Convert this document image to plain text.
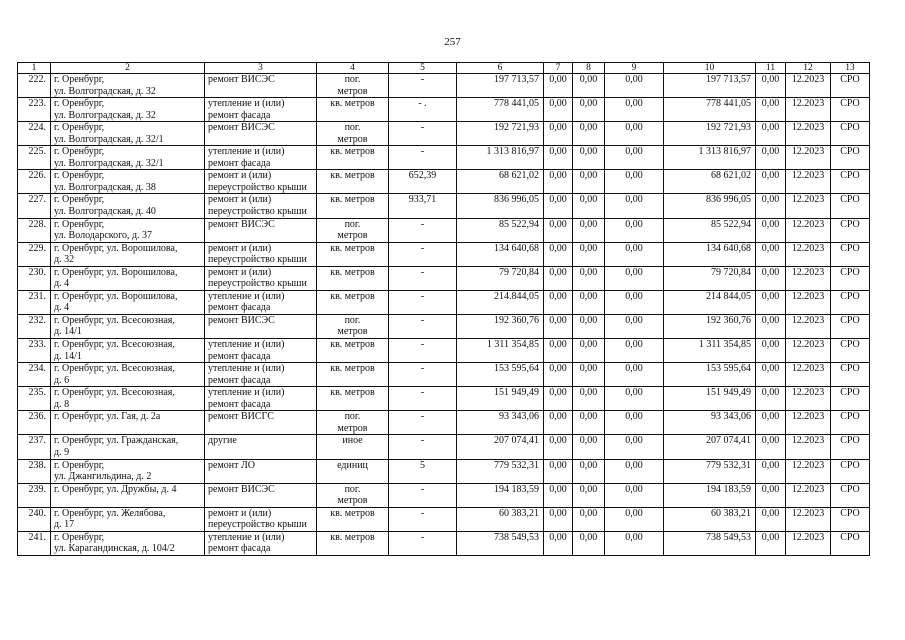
257
1	2	3	4	5	6	7	8	9	10	11	12	13
222.	г. Оренбург,
ул. Волгоградская, д. 32	ремонт ВИСЭС	пог.
метров	-	197 713,57	0,00	0,00	0,00	197 713,57	0,00	12.2023	СРО
223.	г. Оренбург,
ул. Волгоградская, д. 32	утепление и (или)
ремонт фасада	кв. метров	- .	778 441,05	0,00	0,00	0,00	778 441,05	0,00	12.2023	СРО
224.	г. Оренбург,
ул. Волгоградская, д. 32/1	ремонт ВИСЭС	пог.
метров	-	192 721,93	0,00	0,00	0,00	192 721,93	0,00	12.2023	СРО
225.	г. Оренбург,
ул. Волгоградская, д. 32/1	утепление и (или)
ремонт фасада	кв. метров	-	1 313 816,97	0,00	0,00	0,00	1 313 816,97	0,00	12.2023	СРО
226.	г. Оренбург,
ул. Волгоградская, д. 38	ремонт и (или)
переустройство крыши	кв. метров	652,39	68 621,02	0,00	0,00	0,00	68 621,02	0,00	12.2023	СРО
227.	г. Оренбург,
ул. Волгоградская, д. 40	ремонт и (или)
переустройство крыши	кв. метров	933,71	836 996,05	0,00	0,00	0,00	836 996,05	0,00	12.2023	СРО
228.	г. Оренбург,
ул. Володарского, д. 37	ремонт ВИСЭС	пог.
метров	-	85 522,94	0,00	0,00	0,00	85 522,94	0,00	12.2023	СРО
229.	г. Оренбург, ул. Ворошилова,
д. 32	ремонт и (или)
переустройство крыши	кв. метров	-	134 640,68	0,00	0,00	0,00	134 640,68	0,00	12.2023	СРО
230.	г. Оренбург, ул. Ворошилова,
д. 4	ремонт и (или)
переустройство крыши	кв. метров	-	79 720,84	0,00	0,00	0,00	79 720,84	0,00	12.2023	СРО
231.	г. Оренбург, ул. Ворошилова,
д. 4	утепление и (или)
ремонт фасада	кв. метров	-	214.844,05	0,00	0,00	0,00	214 844,05	0,00	12.2023	СРО
232.	г. Оренбург, ул. Всесоюзная,
д. 14/1	ремонт ВИСЭС	пог.
метров	-	192 360,76	0,00	0,00	0,00	192 360,76	0,00	12.2023	СРО
233.	г. Оренбург, ул. Всесоюзная,
д. 14/1	утепление и (или)
ремонт фасада	кв. метров	-	1 311 354,85	0,00	0,00	0,00	1 311 354,85	0,00	12.2023	СРО
234.	г. Оренбург, ул. Всесоюзная,
д. 6	утепление и (или)
ремонт фасада	кв. метров	-	153 595,64	0,00	0,00	0,00	153 595,64	0,00	12.2023	СРО
235.	г. Оренбург, ул. Всесоюзная,
д. 8	утепление и (или)
ремонт фасада	кв. метров	-	151 949,49	0,00	0,00	0,00	151 949,49	0,00	12.2023	СРО
236.	г. Оренбург, ул. Гая, д. 2а	ремонт ВИСГС	пог.
метров	-	93 343,06	0,00	0,00	0,00	93 343,06	0,00	12.2023	СРО
237.	г. Оренбург, ул. Гражданская,
д. 9	другие	иное	-	207 074,41	0,00	0,00	0,00	207 074,41	0,00	12.2023	СРО
238.	г. Оренбург,
ул. Джангильдина, д. 2	ремонт ЛО	единиц	5	779 532,31	0,00	0,00	0,00	779 532,31	0,00	12.2023	СРО
239.	г. Оренбург, ул. Дружбы, д. 4	ремонт ВИСЭС	пог.
метров	-	194 183,59	0,00	0,00	0,00	194 183,59	0,00	12.2023	СРО
240.	г. Оренбург, ул. Желябова,
д. 17	ремонт и (или)
переустройство крыши	кв. метров	-	60 383,21	0,00	0,00	0,00	60 383,21	0,00	12.2023	СРО
241.	г. Оренбург,
ул. Карагандинская, д. 104/2	утепление и (или)
ремонт фасада	кв. метров	-	738 549,53	0,00	0,00	0,00	738 549,53	0,00	12.2023	СРО
